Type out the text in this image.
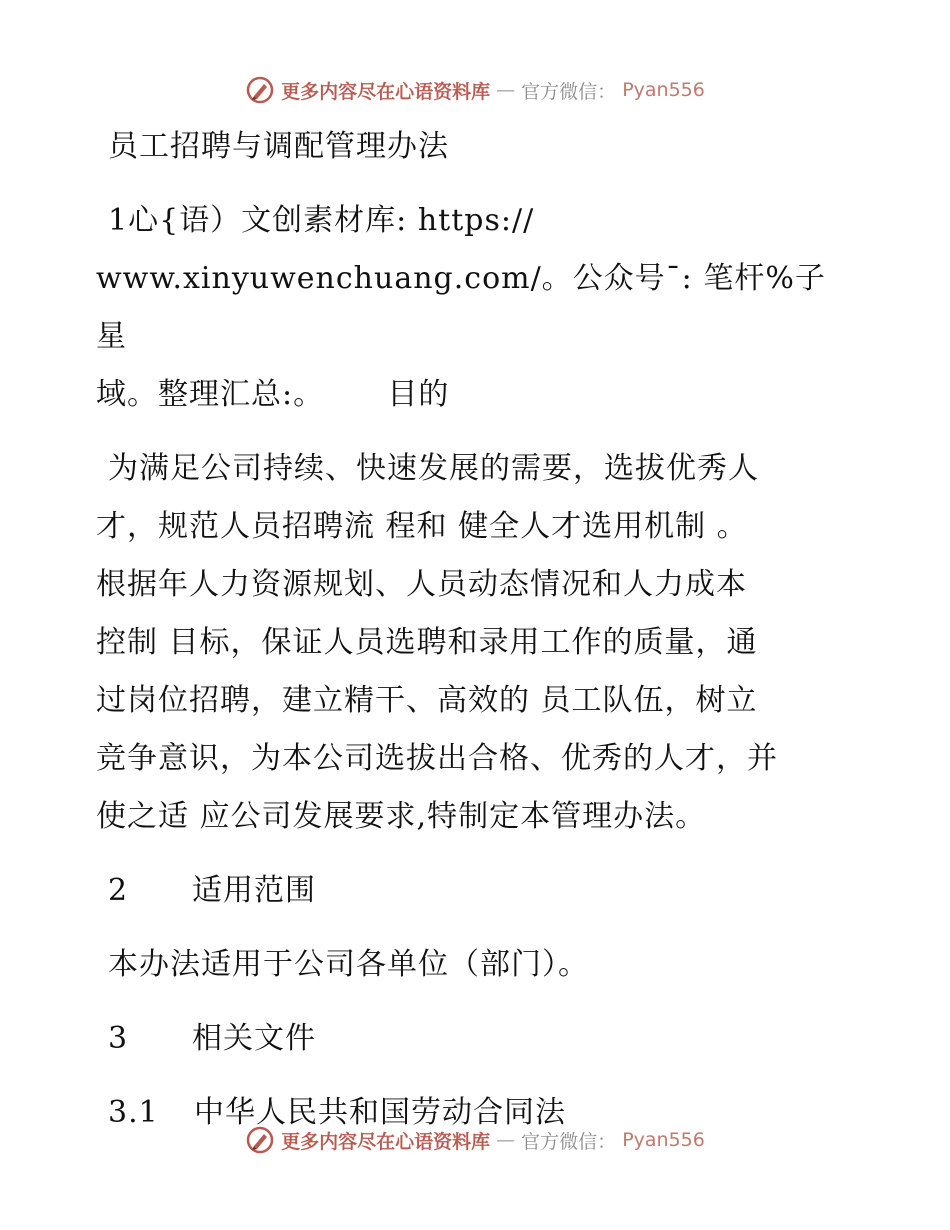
更多内容尽在心语资料库 — 官方微信： Pyan556

员工招聘与调配管理办法

1心{语）文创素材库: https://

www.xinyuwenchuang.com/。公众号¯: 笔杆%子星

域。整理汇总:。      目的

为满足公司持续、快速发展的需要，选拔优秀人

才，规范人员招聘流 程和 健全人才选用机制 。

根据年人力资源规划、人员动态情况和人力成本

控制 目标，保证人员选聘和录用工作的质量，通

过岗位招聘，建立精干、高效的 员工队伍，树立

竞争意识，为本公司选拔出合格、优秀的人才，并

使之适 应公司发展要求,特制定本管理办法。

2	适用范围

本办法适用于公司各单位（部门）。

3	相关文件
3.1	中华人民共和国劳动合同法
更多内容尽在心语资料库 — 官方微信： Pyan556
